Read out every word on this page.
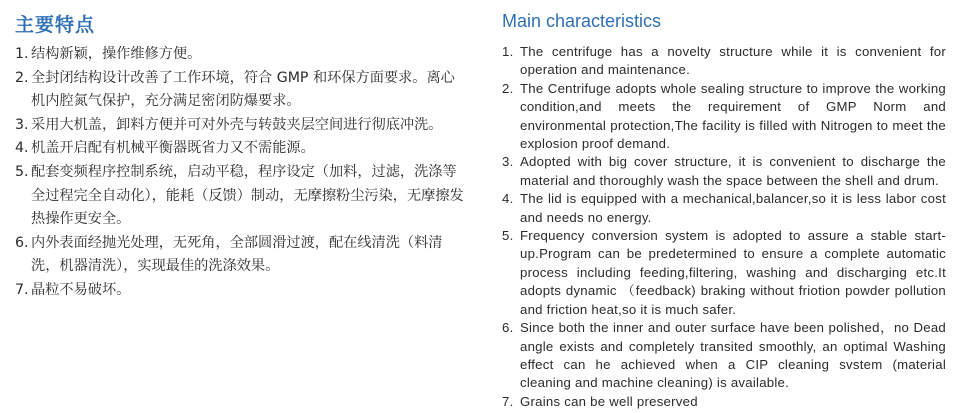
主要特点
1. 结构新颖，操作维修方便。
2. 全封闭结构设计改善了工作环境，符合 GMP 和环保方面要求。离心机内腔氮气保护，充分满足密闭防爆要求。
3. 采用大机盖，卸料方便并可对外壳与转鼓夹层空间进行彻底冲洗。
4. 机盖开启配有机械平衡器既省力又不需能源。
5. 配套变频程序控制系统，启动平稳，程序设定（加料，过滤，洗涤等全过程完全自动化），能耗（反馈）制动，无摩擦粉尘污染，无摩擦发热操作更安全。
6. 内外表面经抛光处理，无死角，全部圆滑过渡，配在线清洗（料清洗，机器清洗），实现最佳的洗涤效果。
7. 晶粒不易破坏。
Main characteristics
1. The centrifuge has a novelty structure while it is convenient for operation and maintenance.
2. The Centrifuge adopts whole sealing structure to improve the working condition,and meets the requirement of GMP Norm and environmental protection,The facility is filled with Nitrogen to meet the explosion proof demand.
3. Adopted with big cover structure, it is convenient to discharge the material and thoroughly wash the space between the shell and drum.
4. The lid is equipped with a mechanical,balancer,so it is less labor cost and needs no energy.
5. Frequency conversion system is adopted to assure a stable start-up.Program can be predetermined to ensure a complete automatic process including feeding,filtering, washing and discharging etc.It adopts dynamic （feedback) braking without friotion powder pollution and friction heat,so it is much safer.
6. Since both the inner and outer surface have been polished，no Dead angle exists and completely transited smoothly, an optimal Washing effect can he achieved when a CIP cleaning svstem (material cleaning and machine cleaning) is available.
7. Grains can be well preserved
